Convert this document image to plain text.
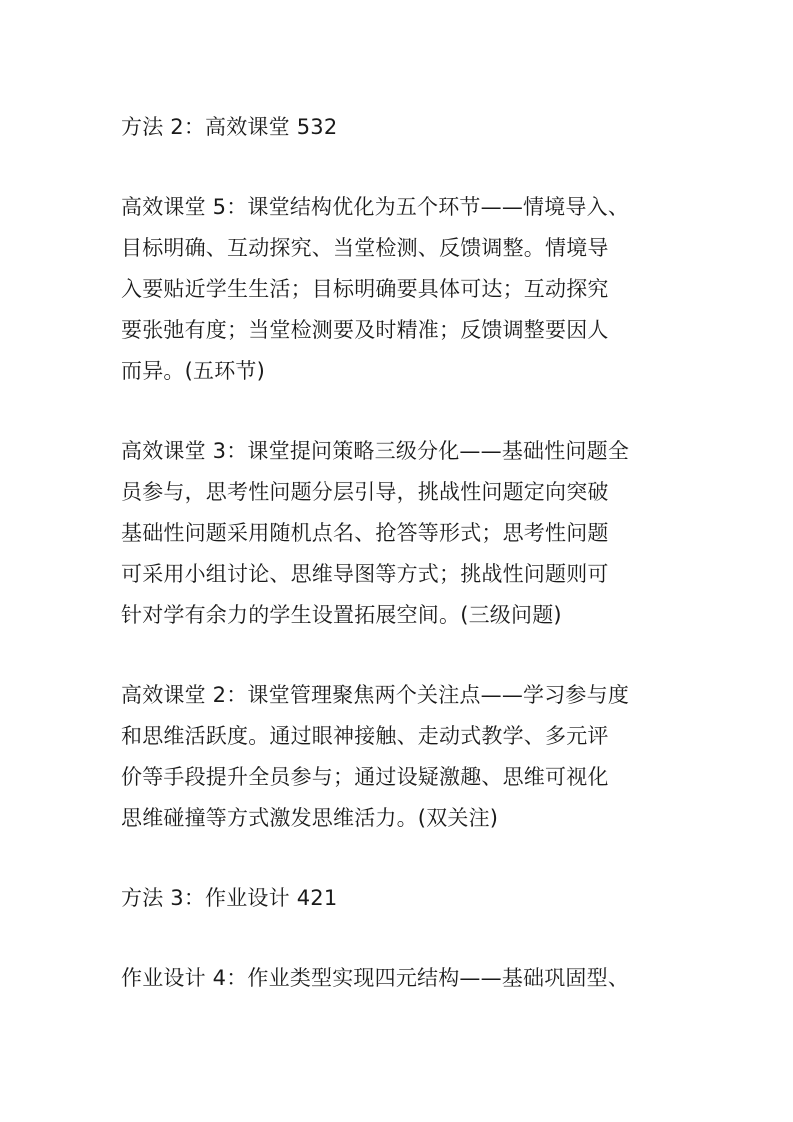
方法 2：高效课堂 532

高效课堂 5：课堂结构优化为五个环节——情境导入、
目标明确、互动探究、当堂检测、反馈调整。情境导
入要贴近学生生活；目标明确要具体可达；互动探究
要张弛有度；当堂检测要及时精准；反馈调整要因人
而异。(五环节)

高效课堂 3：课堂提问策略三级分化——基础性问题全
员参与，思考性问题分层引导，挑战性问题定向突破
基础性问题采用随机点名、抢答等形式；思考性问题
可采用小组讨论、思维导图等方式；挑战性问题则可
针对学有余力的学生设置拓展空间。(三级问题)

高效课堂 2：课堂管理聚焦两个关注点——学习参与度
和思维活跃度。通过眼神接触、走动式教学、多元评
价等手段提升全员参与；通过设疑激趣、思维可视化
思维碰撞等方式激发思维活力。(双关注)

方法 3：作业设计 421

作业设计 4：作业类型实现四元结构——基础巩固型、
